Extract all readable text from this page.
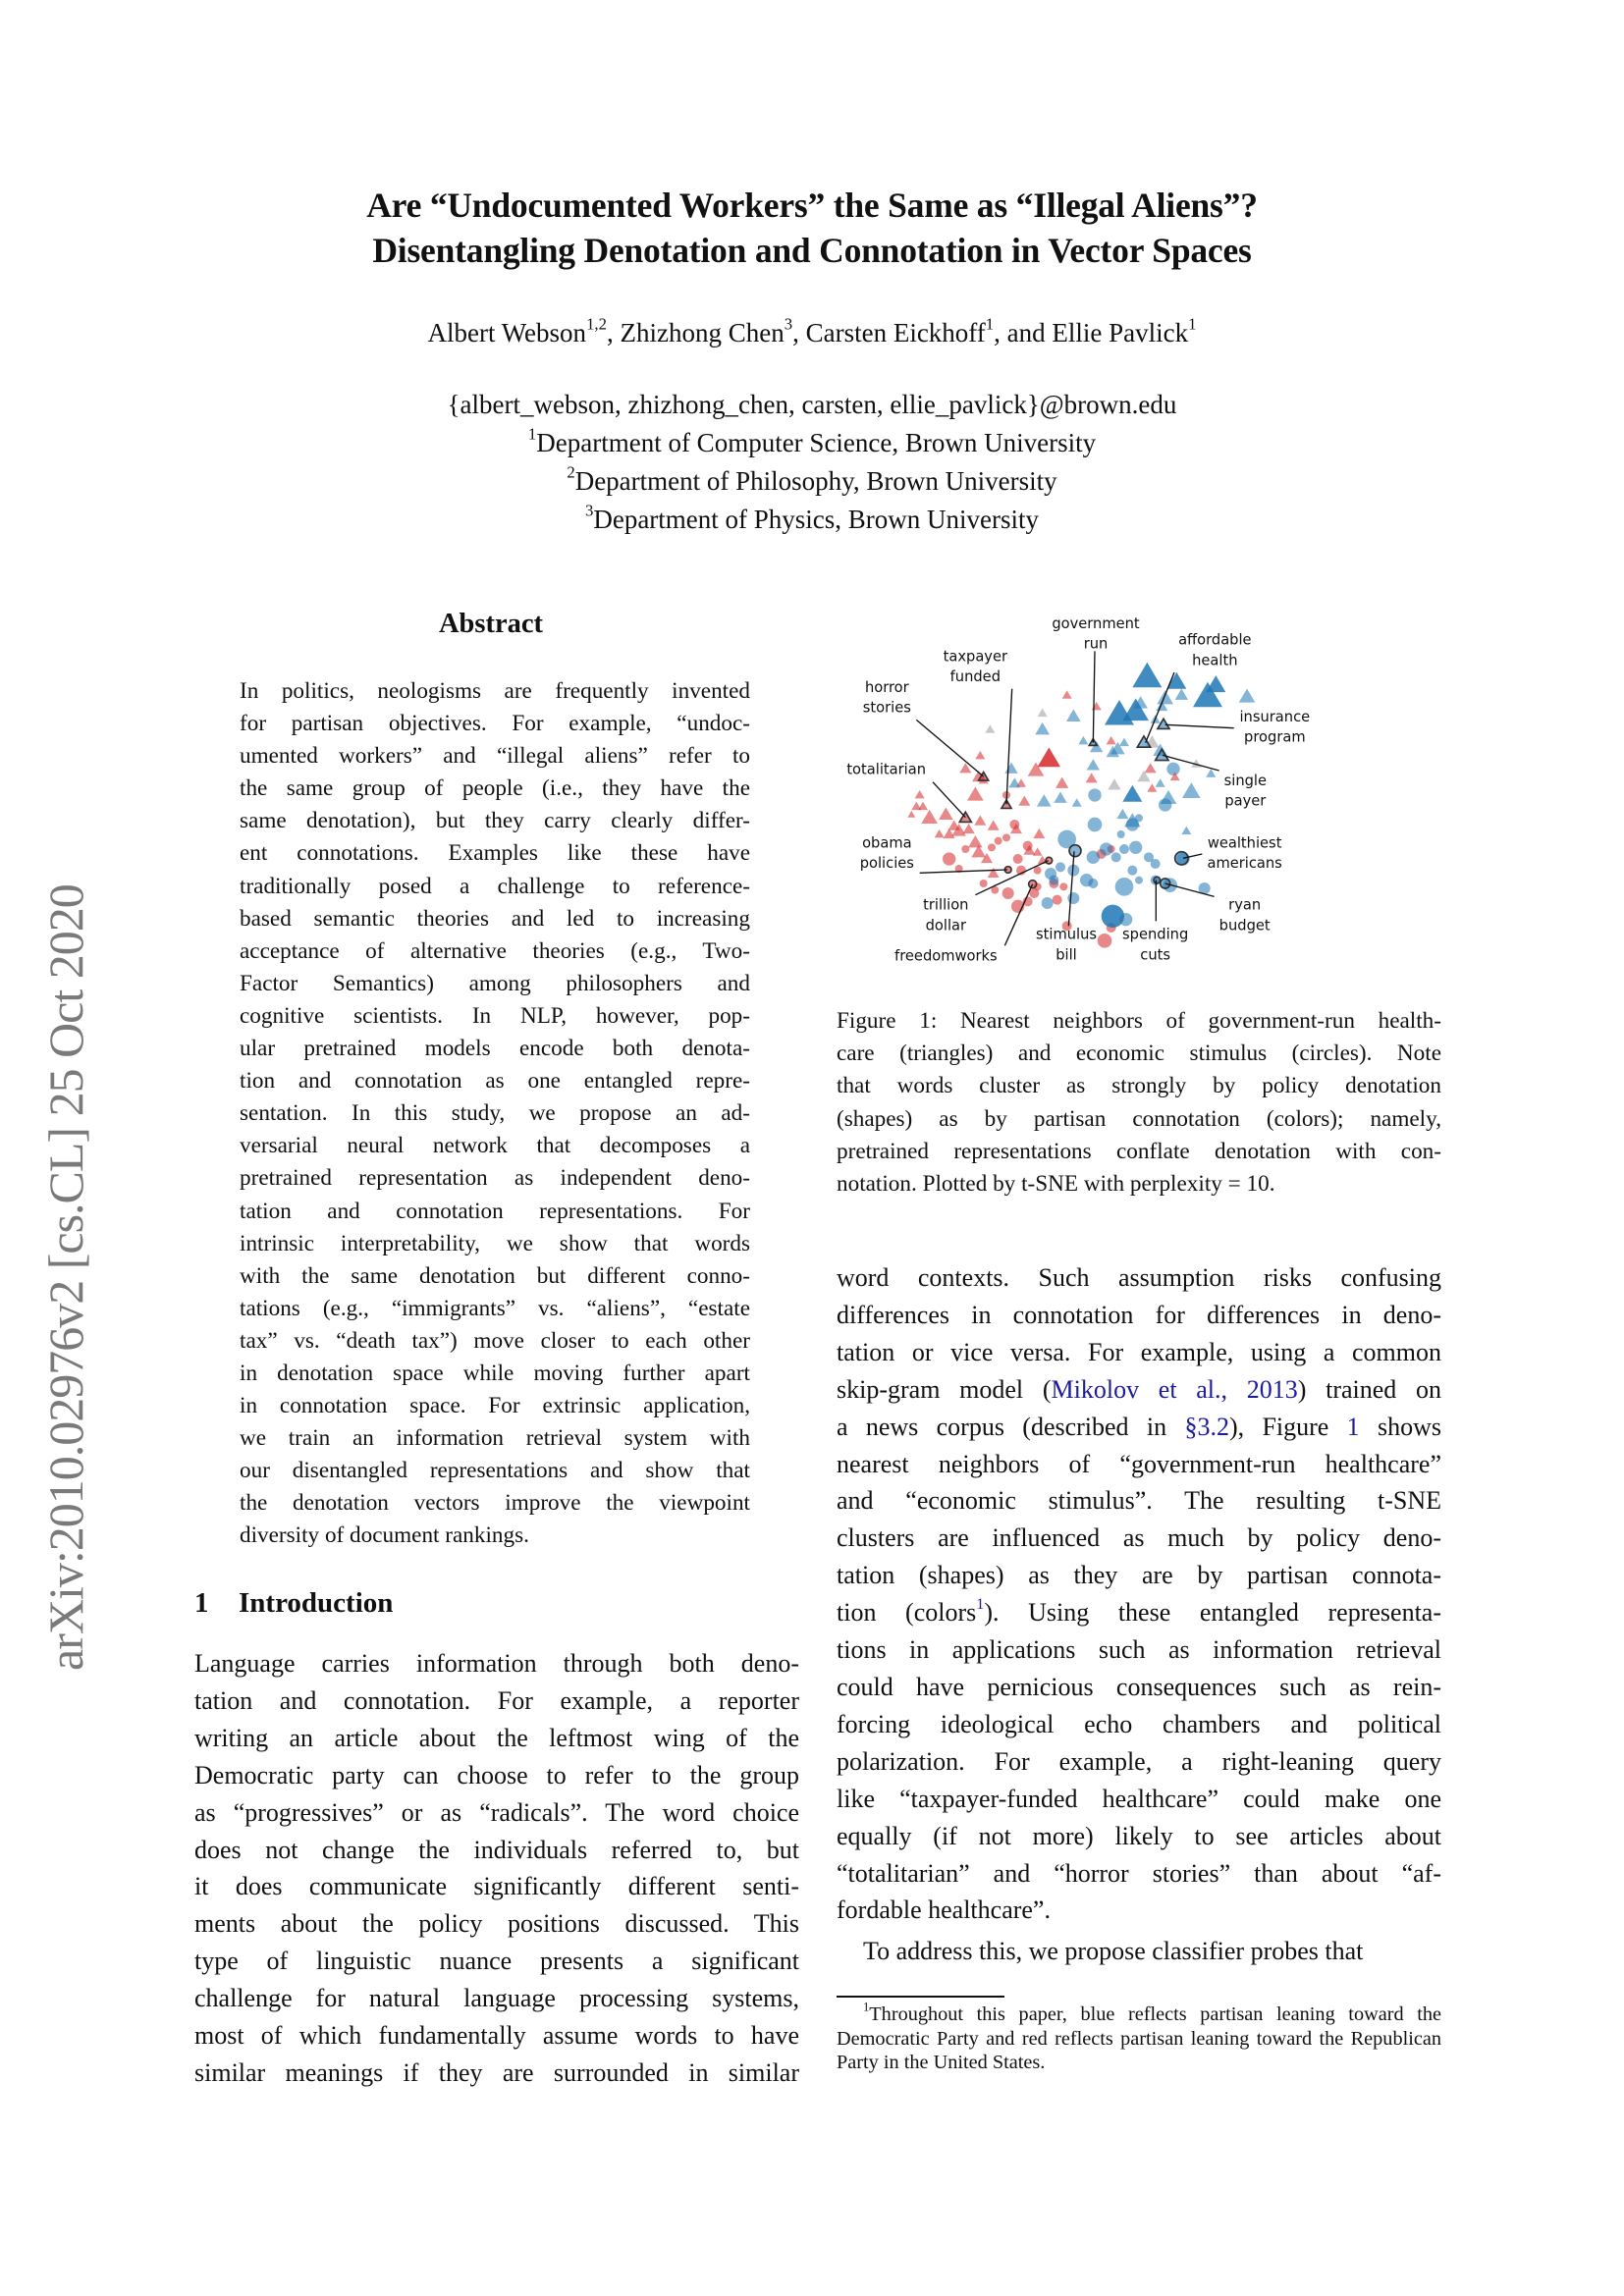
arXiv:2010.02976v2 [cs.CL] 25 Oct 2020
Are “Undocumented Workers” the Same as “Illegal Aliens”?
Disentangling Denotation and Connotation in Vector Spaces
Albert Webson$^{1,2}$, Zhizhong Chen$^3$, Carsten Eickhoff$^1$, and Ellie Pavlick$^1$
{albert_webson, zhizhong_chen, carsten, ellie_pavlick}@brown.edu
$^1$Department of Computer Science, Brown University
$^2$Department of Philosophy, Brown University
$^3$Department of Physics, Brown University
Abstract
In politics, neologisms are frequently invented
for partisan objectives. For example, “undoc-
umented workers” and “illegal aliens” refer to
the same group of people (i.e., they have the
same denotation), but they carry clearly differ-
ent connotations. Examples like these have
traditionally posed a challenge to reference-
based semantic theories and led to increasing
acceptance of alternative theories (e.g., Two-
Factor Semantics) among philosophers and
cognitive scientists. In NLP, however, pop-
ular pretrained models encode both denota-
tion and connotation as one entangled repre-
sentation. In this study, we propose an ad-
versarial neural network that decomposes a
pretrained representation as independent deno-
tation and connotation representations. For
intrinsic interpretability, we show that words
with the same denotation but different conno-
tations (e.g., “immigrants” vs. “aliens”, “estate
tax” vs. “death tax”) move closer to each other
in denotation space while moving further apart
in connotation space. For extrinsic application,
we train an information retrieval system with
our disentangled representations and show that
the denotation vectors improve the viewpoint
diversity of document rankings.
1 Introduction
Language carries information through both deno-
tation and connotation. For example, a reporter
writing an article about the leftmost wing of the
Democratic party can choose to refer to the group
as “progressives” or as “radicals”. The word choice
does not change the individuals referred to, but
it does communicate significantly different senti-
ments about the policy positions discussed. This
type of linguistic nuance presents a significant
challenge for natural language processing systems,
most of which fundamentally assume words to have
similar meanings if they are surrounded in similar
government run
taxpayer funded
horror stories
affordable health
insurance program
totalitarian
single payer
obama policies
wealthiest americans
trillion dollar
ryan budget
stimulus bill
spending cuts
freedomworks
Figure 1: Nearest neighbors of government-run health-
care (triangles) and economic stimulus (circles). Note
that words cluster as strongly by policy denotation
(shapes) as by partisan connotation (colors); namely,
pretrained representations conflate denotation with con-
notation. Plotted by t-SNE with perplexity = 10.
word contexts. Such assumption risks confusing
differences in connotation for differences in deno-
tation or vice versa. For example, using a common
skip-gram model (Mikolov et al., 2013) trained on
a news corpus (described in §3.2), Figure 1 shows
nearest neighbors of “government-run healthcare”
and “economic stimulus”. The resulting t-SNE
clusters are influenced as much by policy deno-
tation (shapes) as they are by partisan connota-
tion (colors$^1$). Using these entangled representa-
tions in applications such as information retrieval
could have pernicious consequences such as rein-
forcing ideological echo chambers and political
polarization. For example, a right-leaning query
like “taxpayer-funded healthcare” could make one
equally (if not more) likely to see articles about
“totalitarian” and “horror stories” than about “af-
fordable healthcare”.
To address this, we propose classifier probes that
$^1$Throughout this paper, blue reflects partisan leaning toward the Democratic Party and red reflects partisan leaning toward the Republican Party in the United States.
